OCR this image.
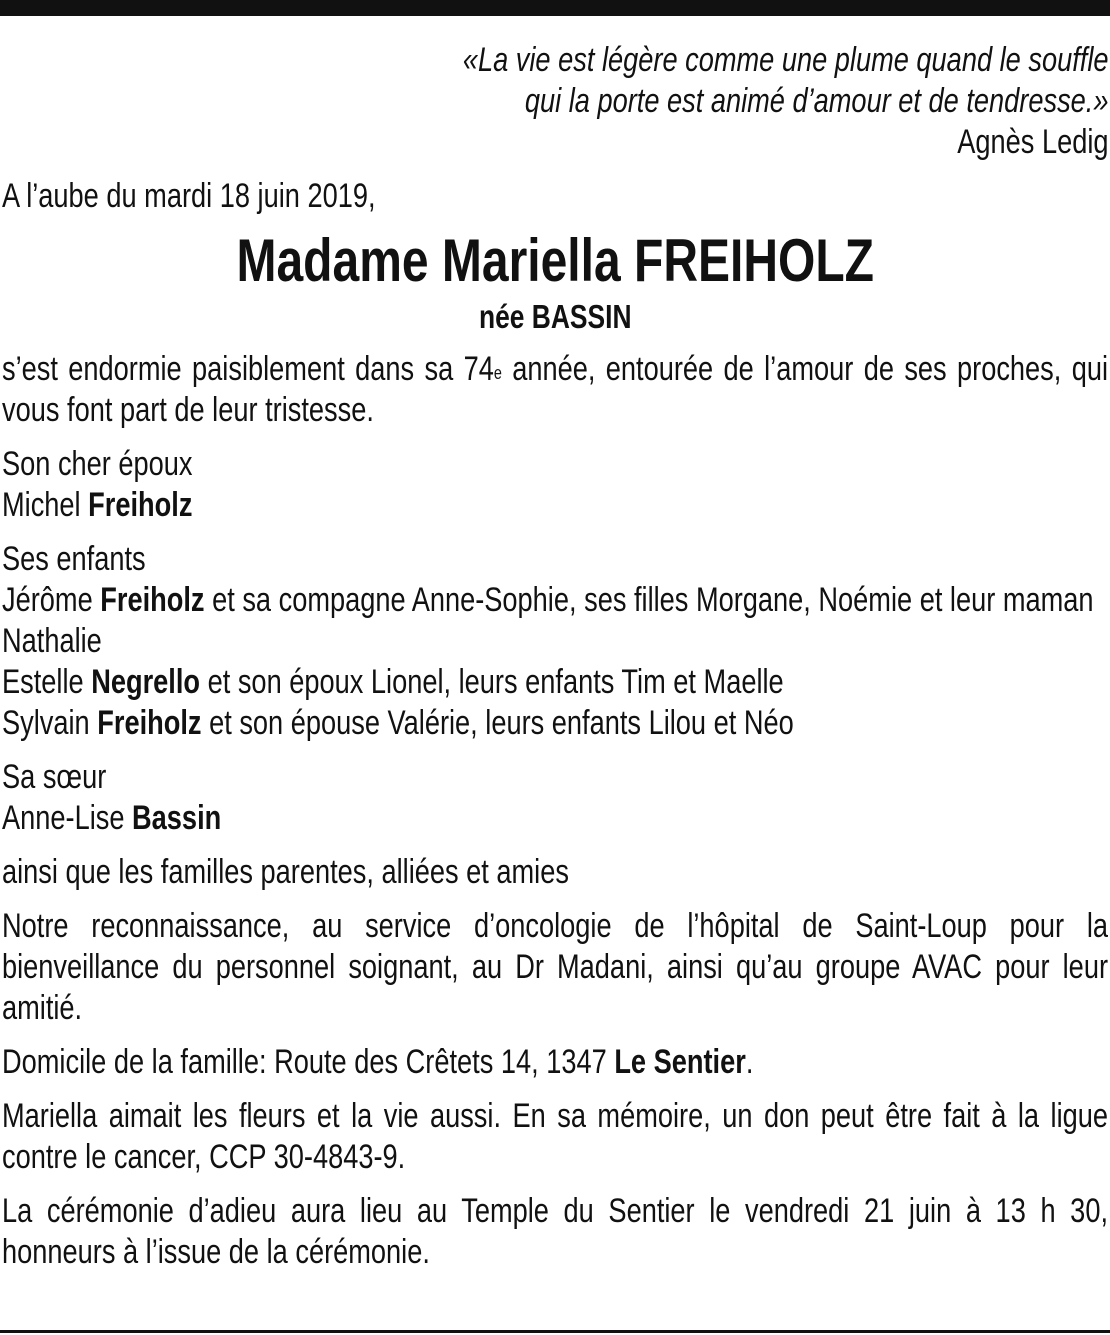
«La vie est légère comme une plume quand le souffle
qui la porte est animé d’amour et de tendresse.»
Agnès Ledig
A l’aube du mardi 18 juin 2019,
Madame Mariella FREIHOLZ
née BASSIN
s’est endormie paisiblement dans sa 74e année, entourée de l’amour de ses proches, qui vous font part de leur tristesse.
Son cher époux
Michel Freiholz
Ses enfants
Jérôme Freiholz et sa compagne Anne-Sophie, ses filles Morgane, Noémie et leur maman Nathalie
Estelle Negrello et son époux Lionel, leurs enfants Tim et Maelle
Sylvain Freiholz et son épouse Valérie, leurs enfants Lilou et Néo
Sa sœur
Anne-Lise Bassin
ainsi que les familles parentes, alliées et amies
Notre reconnaissance, au service d’oncologie de l’hôpital de Saint-Loup pour la bienveillance du personnel soignant, au Dr Madani, ainsi qu’au groupe AVAC pour leur amitié.
Domicile de la famille: Route des Crêtets 14, 1347 Le Sentier.
Mariella aimait les fleurs et la vie aussi. En sa mémoire, un don peut être fait à la ligue contre le cancer, CCP 30-4843-9.
La cérémonie d’adieu aura lieu au Temple du Sentier le vendredi 21 juin à 13 h 30, honneurs à l’issue de la cérémonie.
